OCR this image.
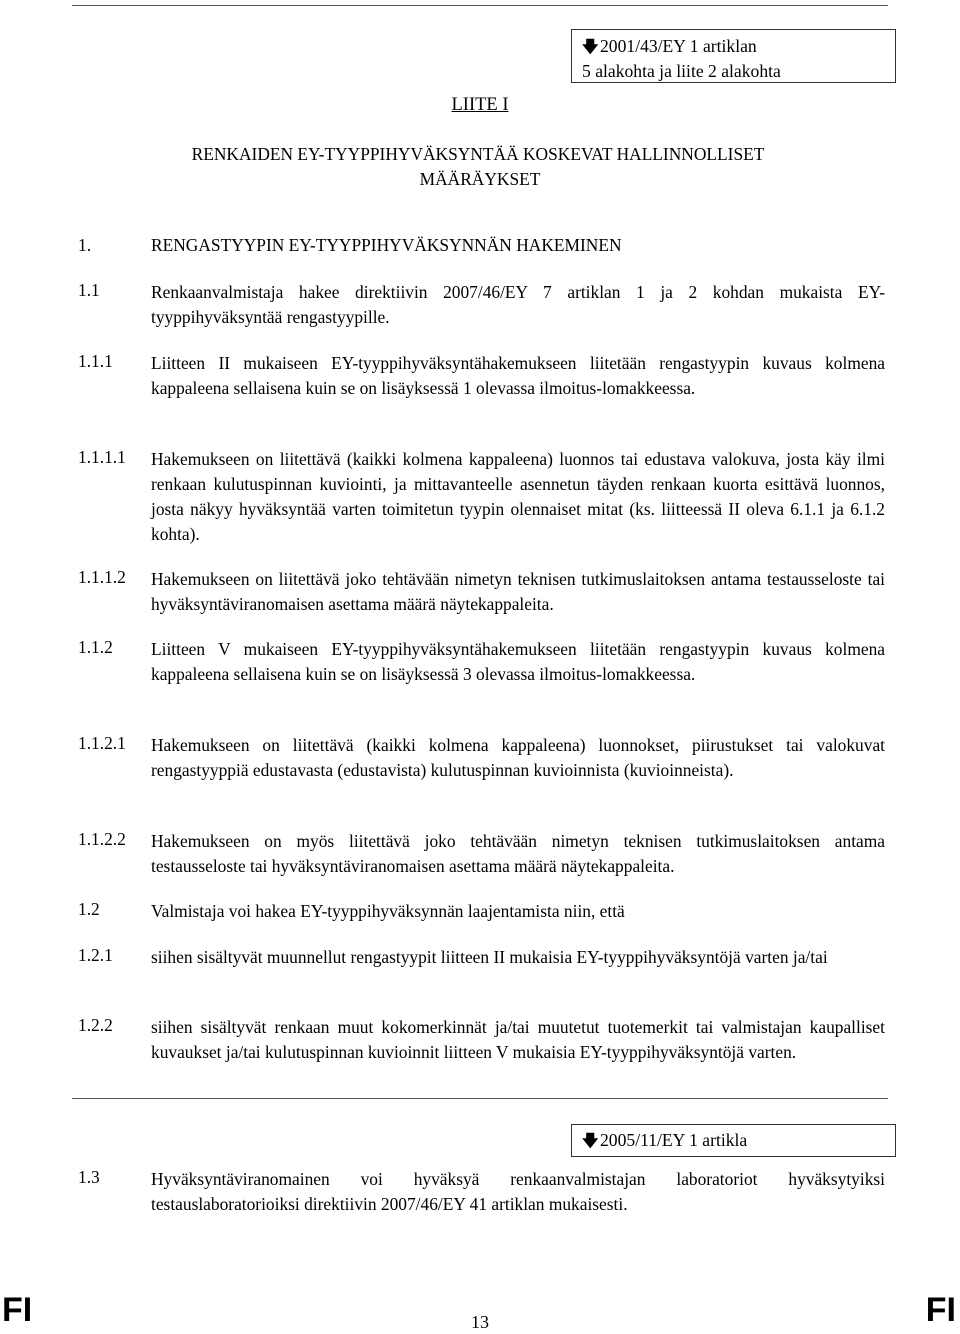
🡇2001/43/EY 1 artiklan
5 alakohta ja liite 2 alakohta
LIITE I
RENKAIDEN EY-TYYPPIHYVÄKSYNTÄÄ KOSKEVAT HALLINNOLLISET
MÄÄRÄYKSET
1.	RENGASTYYPIN EY-TYYPPIHYVÄKSYNNÄN HAKEMINEN
1.1	Renkaanvalmistaja hakee direktiivin 2007/46/EY 7 artiklan 1 ja 2 kohdan mukaista EY-tyyppihyväksyntää rengastyypille.
1.1.1 Liitteen II mukaiseen EY-tyyppihyväksyntähakemukseen liitetään rengastyypin kuvaus kolmena kappaleena sellaisena kuin se on lisäyksessä 1 olevassa ilmoitus-lomakkeessa.
1.1.1.1 Hakemukseen on liitettävä (kaikki kolmena kappaleena) luonnos tai edustava valokuva, josta käy ilmi renkaan kulutuspinnan kuviointi, ja mittavanteelle asennetun täyden renkaan kuorta esittävä luonnos, josta näkyy hyväksyntää varten toimitetun tyypin olennaiset mitat (ks. liitteessä II oleva 6.1.1 ja 6.1.2 kohta).
1.1.1.2 Hakemukseen on liitettävä joko tehtävään nimetyn teknisen tutkimuslaitoksen antama testausseloste tai hyväksyntäviranomaisen asettama määrä näytekappaleita.
1.1.2 Liitteen V mukaiseen EY-tyyppihyväksyntähakemukseen liitetään rengastyypin kuvaus kolmena kappaleena sellaisena kuin se on lisäyksessä 3 olevassa ilmoitus-lomakkeessa.
1.1.2.1 Hakemukseen on liitettävä (kaikki kolmena kappaleena) luonnokset, piirustukset tai valokuvat rengastyyppiä edustavasta (edustavista) kulutuspinnan kuvioinnista (kuvioinneista).
1.1.2.2 Hakemukseen on myös liitettävä joko tehtävään nimetyn teknisen tutkimuslaitoksen antama testausseloste tai hyväksyntäviranomaisen asettama määrä näytekappaleita.
1.2	Valmistaja voi hakea EY-tyyppihyväksynnän laajentamista niin, että
1.2.1 siihen sisältyvät muunnellut rengastyypit liitteen II mukaisia EY-tyyppihyväksyntöjä varten ja/tai
1.2.2 siihen sisältyvät renkaan muut kokomerkinnät ja/tai muutetut tuotemerkit tai valmistajan kaupalliset kuvaukset ja/tai kulutuspinnan kuvioinnit liitteen V mukaisia EY-tyyppihyväksyntöjä varten.
🡇2005/11/EY 1 artikla
1.3	Hyväksyntäviranomainen voi hyväksyä renkaanvalmistajan laboratoriot hyväksytyiksi testauslaboratorioiksi direktiivin 2007/46/EY 41 artiklan mukaisesti.
FI	13	FI
